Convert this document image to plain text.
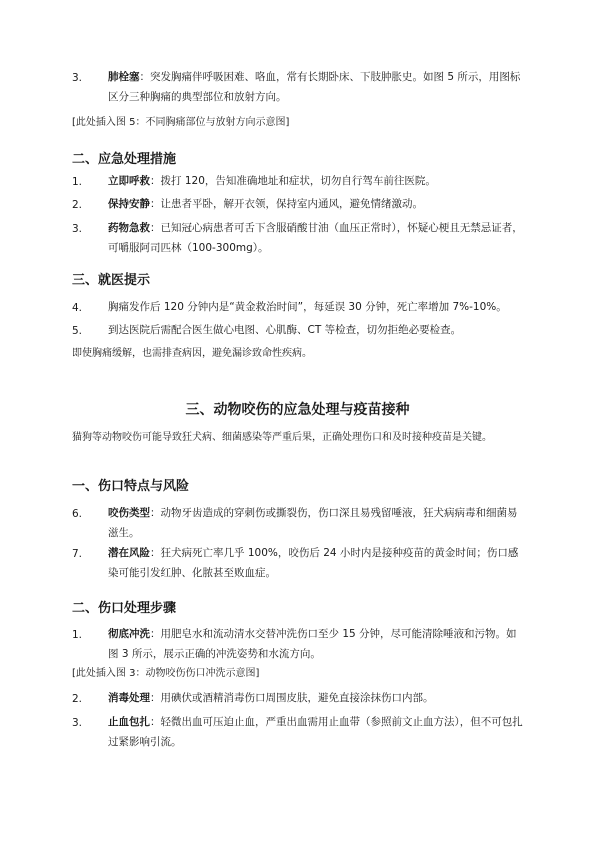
3. 肺栓塞：突发胸痛伴呼吸困难、咯血，常有长期卧床、下肢肿胀史。如图 5 所示，用图标区分三种胸痛的典型部位和放射方向。
[此处插入图 5：不同胸痛部位与放射方向示意图]
二、应急处理措施
1. 立即呼救：拨打 120，告知准确地址和症状，切勿自行驾车前往医院。
2. 保持安静：让患者平卧，解开衣领，保持室内通风，避免情绪激动。
3. 药物急救：已知冠心病患者可舌下含服硝酸甘油（血压正常时），怀疑心梗且无禁忌证者，可嚼服阿司匹林（100-300mg）。
三、就医提示
4. 胸痛发作后 120 分钟内是“黄金救治时间”，每延误 30 分钟，死亡率增加 7%-10%。
5. 到达医院后需配合医生做心电图、心肌酶、CT 等检查，切勿拒绝必要检查。
即使胸痛缓解，也需排查病因，避免漏诊致命性疾病。
三、动物咬伤的应急处理与疫苗接种
猫狗等动物咬伤可能导致狂犬病、细菌感染等严重后果，正确处理伤口和及时接种疫苗是关键。
一、伤口特点与风险
6. 咬伤类型：动物牙齿造成的穿刺伤或撕裂伤，伤口深且易残留唾液，狂犬病病毒和细菌易滋生。
7. 潜在风险：狂犬病死亡率几乎 100%，咬伤后 24 小时内是接种疫苗的黄金时间；伤口感染可能引发红肿、化脓甚至败血症。
二、伤口处理步骤
1. 彻底冲洗：用肥皂水和流动清水交替冲洗伤口至少 15 分钟，尽可能清除唾液和污物。如图 3 所示，展示正确的冲洗姿势和水流方向。
[此处插入图 3：动物咬伤伤口冲洗示意图]
2. 消毒处理：用碘伏或酒精消毒伤口周围皮肤，避免直接涂抹伤口内部。
3. 止血包扎：轻微出血可压迫止血，严重出血需用止血带（参照前文止血方法），但不可包扎过紧影响引流。
